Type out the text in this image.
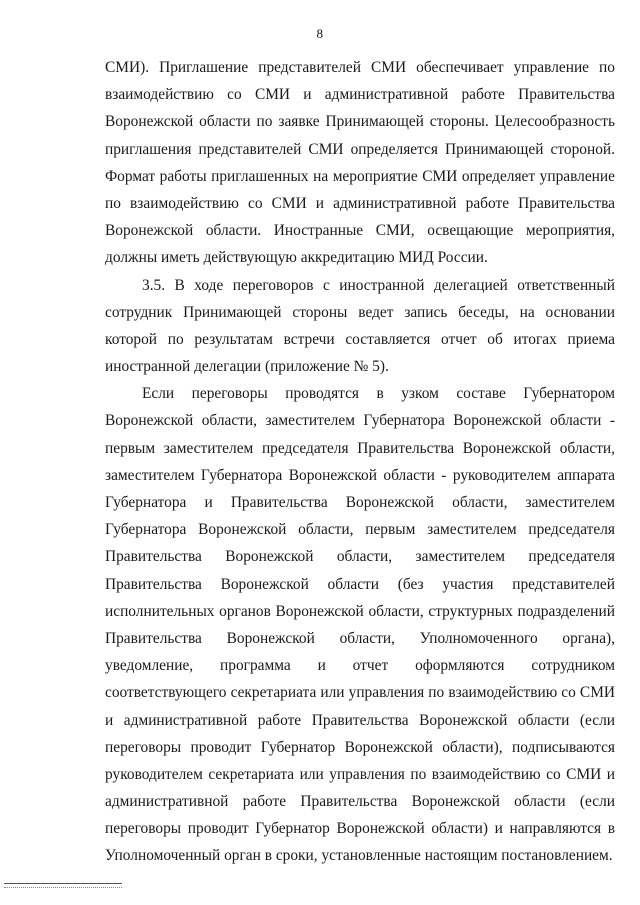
8
СМИ). Приглашение представителей СМИ обеспечивает управление по
взаимодействию со СМИ и административной работе Правительства
Воронежской области по заявке Принимающей стороны. Целесообразность
приглашения представителей СМИ определяется Принимающей стороной.
Формат работы приглашенных на мероприятие СМИ определяет управление
по взаимодействию со СМИ и административной работе Правительства
Воронежской области. Иностранные СМИ, освещающие мероприятия,
должны иметь действующую аккредитацию МИД России.
3.5. В ходе переговоров с иностранной делегацией ответственный
сотрудник Принимающей стороны ведет запись беседы, на основании
которой по результатам встречи составляется отчет об итогах приема
иностранной делегации (приложение № 5).
Если переговоры проводятся в узком составе Губернатором
Воронежской области, заместителем Губернатора Воронежской области -
первым заместителем председателя Правительства Воронежской области,
заместителем Губернатора Воронежской области - руководителем аппарата
Губернатора и Правительства Воронежской области, заместителем
Губернатора Воронежской области, первым заместителем председателя
Правительства Воронежской области, заместителем председателя
Правительства Воронежской области (без участия представителей
исполнительных органов Воронежской области, структурных подразделений
Правительства Воронежской области, Уполномоченного органа),
уведомление, программа и отчет оформляются сотрудником
соответствующего секретариата или управления по взаимодействию со СМИ
и административной работе Правительства Воронежской области (если
переговоры проводит Губернатор Воронежской области), подписываются
руководителем секретариата или управления по взаимодействию со СМИ и
административной работе Правительства Воронежской области (если
переговоры проводит Губернатор Воронежской области) и направляются в
Уполномоченный орган в сроки, установленные настоящим постановлением.
